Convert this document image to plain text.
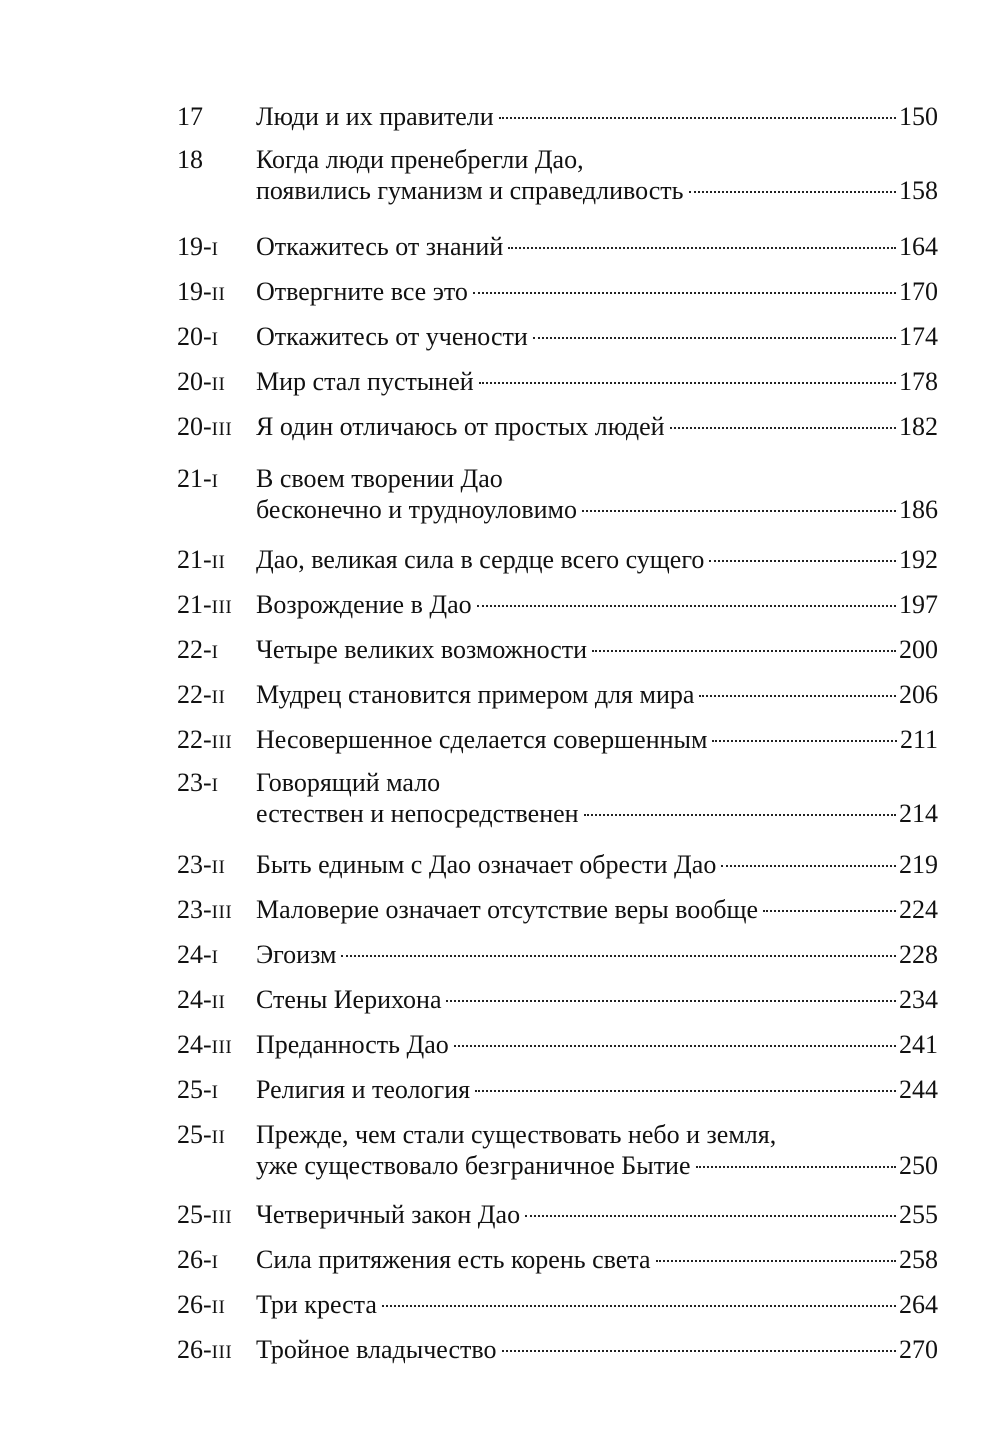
17 Люди и их правители	150
18 Когда люди пренебрегли Дао,
появились гуманизм и справедливость	158
19-I Откажитесь от знаний	164
19-II Отвергните все это	170
20-I Откажитесь от учености	174
20-II Мир стал пустыней	178
20-III Я один отличаюсь от простых людей	182
21-I В своем творении Дао
бесконечно и трудноуловимо	186
21-II Дао, великая сила в сердце всего сущего	192
21-III Возрождение в Дао	197
22-I Четыре великих возможности	200
22-II Мудрец становится примером для мира	206
22-III Несовершенное сделается совершенным	211
23-I Говорящий мало
естествен и непосредственен	214
23-II Быть единым с Дао означает обрести Дао	219
23-III Маловерие означает отсутствие веры вообще	224
24-I Эгоизм	228
24-II Стены Иерихона	234
24-III Преданность Дао	241
25-I Религия и теология	244
25-II Прежде, чем стали существовать небо и земля,
уже существовало безграничное Бытие	250
25-III Четверичный закон Дао	255
26-I Сила притяжения есть корень света	258
26-II Три креста	264
26-III Тройное владычество	270
